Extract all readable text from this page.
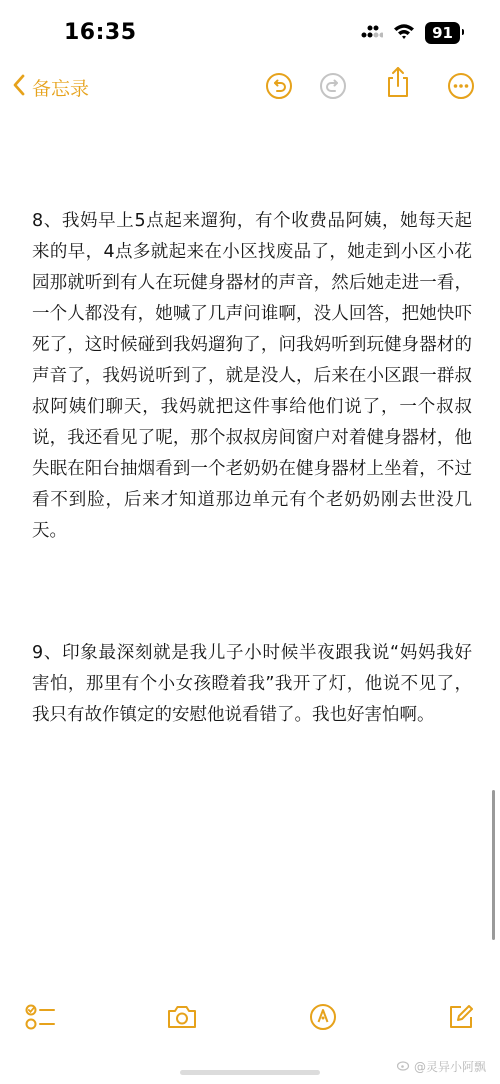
16:35	91
备忘录

8、我妈早上5点起来遛狗，有个收费品阿姨，她每天起来的早，4点多就起来在小区找废品了，她走到小区小花园那就听到有人在玩健身器材的声音，然后她走进一看，一个人都没有，她喊了几声问谁啊，没人回答，把她快吓死了，这时候碰到我妈遛狗了，问我妈听到玩健身器材的声音了，我妈说听到了，就是没人，后来在小区跟一群叔叔阿姨们聊天，我妈就把这件事给他们说了，一个叔叔说，我还看见了呢，那个叔叔房间窗户对着健身器材，他失眠在阳台抽烟看到一个老奶奶在健身器材上坐着，不过看不到脸，后来才知道那边单元有个老奶奶刚去世没几天。

9、印象最深刻就是我儿子小时候半夜跟我说“妈妈我好害怕，那里有个小女孩瞪着我”我开了灯，他说不见了，我只有故作镇定的安慰他说看错了。我也好害怕啊。

@灵异小阿飘
